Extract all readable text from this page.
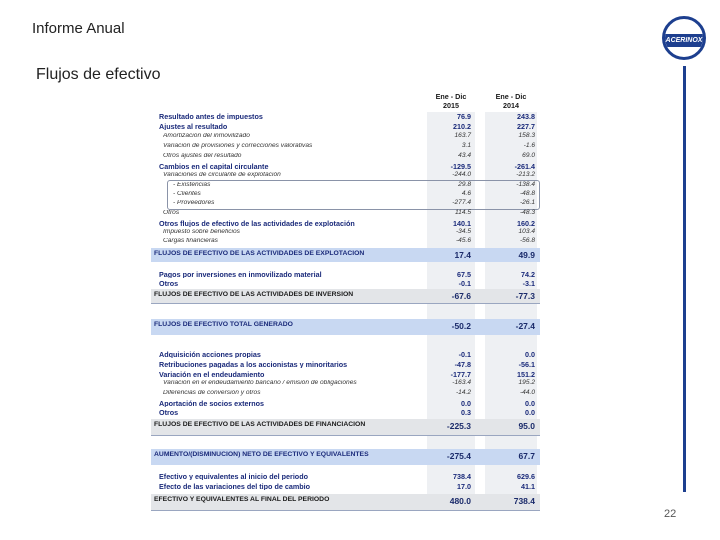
Informe Anual
Flujos de efectivo
ACERINOX
Ene - Dic
2015
Ene - Dic
2014
Resultado antes de impuestos	76.9	243.8
Ajustes al resultado	210.2	227.7
Amortización del inmovilizado	163.7	158.3
Variación de provisiones y correcciones valorativas	3.1	-1.6
Otros ajustes del resultado	43.4	69.0
Cambios en el capital circulante	-129.5	-261.4
Variaciones de circulante de explotación	-244.0	-213.2
- Existencias	29.8	-138.4
- Clientes	4.6	-48.8
- Proveedores	-277.4	-26.1
Otros	114.5	-48.3
Otros flujos de efectivo de las actividades de explotación	140.1	160.2
Impuesto sobre beneficios	-34.5	103.4
Cargas financieras	-45.6	-56.8
FLUJOS DE EFECTIVO DE LAS ACTIVIDADES DE EXPLOTACION	17.4	49.9
Pagos por inversiones en inmovilizado material	67.5	74.2
Otros	-0.1	-3.1
FLUJOS DE EFECTIVO DE LAS ACTIVIDADES DE INVERSION	-67.6	-77.3
FLUJOS DE EFECTIVO TOTAL GENERADO	-50.2	-27.4
Adquisición acciones propias	-0.1	0.0
Retribuciones pagadas a los accionistas y minoritarios	-47.8	-56.1
Variación en el endeudamiento	-177.7	151.2
Variación en el endeudamiento bancario / emisión de obligaciones	-163.4	195.2
Diferencias de conversión y otros	-14.2	-44.0
Aportación de socios externos	0.0	0.0
Otros	0.3	0.0
FLUJOS DE EFECTIVO DE LAS ACTIVIDADES DE FINANCIACION	-225.3	95.0
AUMENTO/(DISMINUCION) NETO DE EFECTIVO Y EQUIVALENTES	-275.4	67.7
Efectivo y equivalentes al inicio del periodo	738.4	629.6
Efecto de las variaciones del tipo de cambio	17.0	41.1
EFECTIVO Y EQUIVALENTES AL FINAL DEL PERIODO	480.0	738.4
22
